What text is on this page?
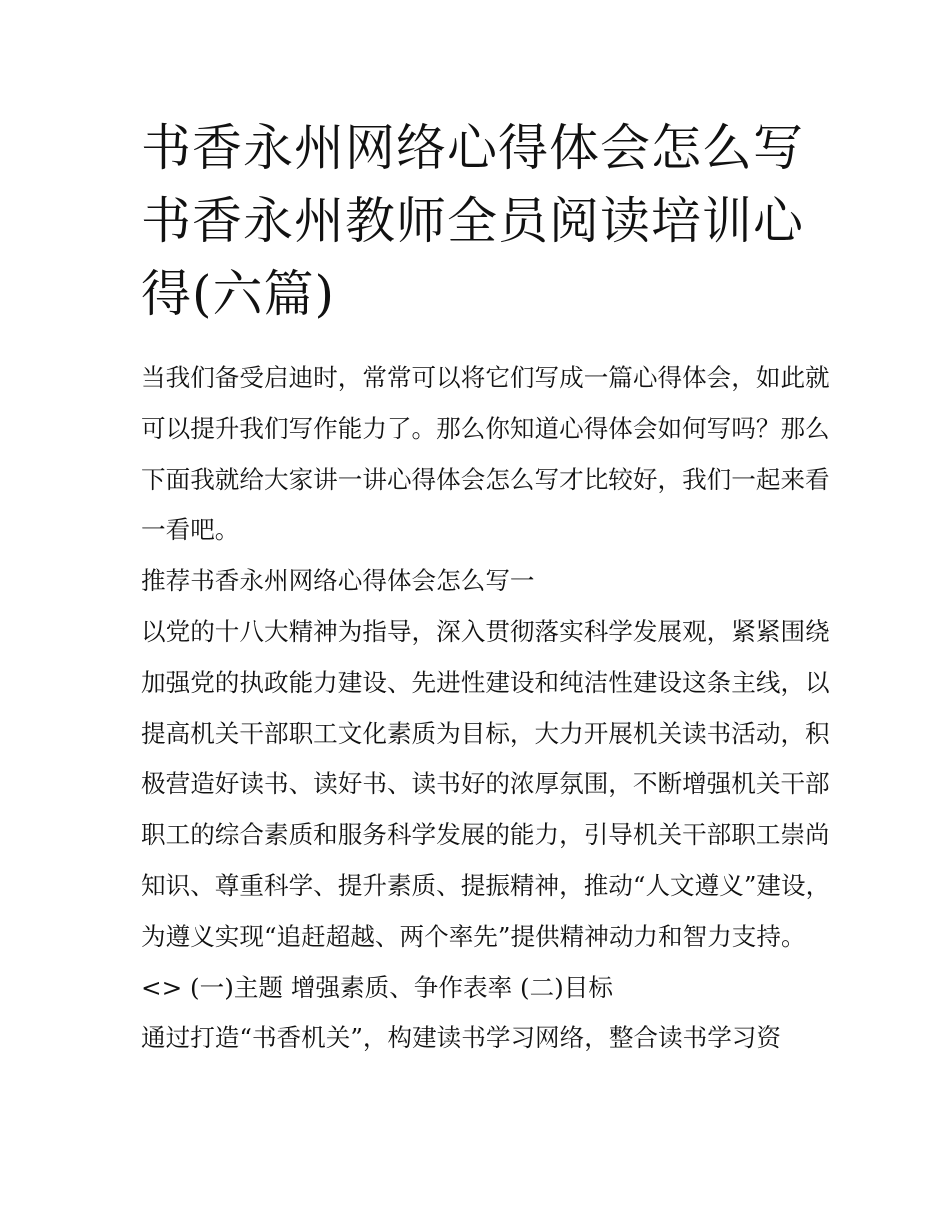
书香永州网络心得体会怎么写书香永州教师全员阅读培训心得(六篇)

当我们备受启迪时，常常可以将它们写成一篇心得体会，如此就可以提升我们写作能力了。那么你知道心得体会如何写吗？那么下面我就给大家讲一讲心得体会怎么写才比较好，我们一起来看一看吧。

推荐书香永州网络心得体会怎么写一

以党的十八大精神为指导，深入贯彻落实科学发展观，紧紧围绕加强党的执政能力建设、先进性建设和纯洁性建设这条主线，以提高机关干部职工文化素质为目标，大力开展机关读书活动，积极营造好读书、读好书、读书好的浓厚氛围，不断增强机关干部职工的综合素质和服务科学发展的能力，引导机关干部职工崇尚知识、尊重科学、提升素质、提振精神，推动“人文遵义”建设，为遵义实现“追赶超越、两个率先”提供精神动力和智力支持。

<> (一)主题 增强素质、争作表率 (二)目标

通过打造“书香机关”，构建读书学习网络，整合读书学习资
